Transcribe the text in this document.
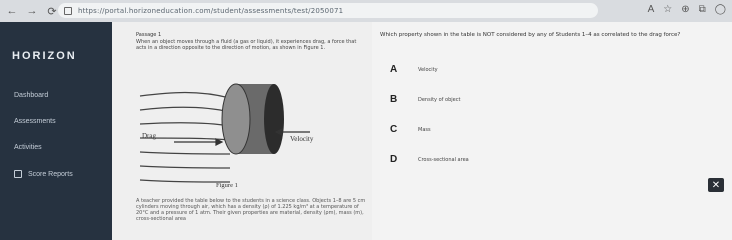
← → ⟳	https://portal.horizoneducation.com/student/assessments/test/2050071	A ☆ ⊕ ⧉ ◯
HORIZON
Dashboard
Assessments
Activities
Score Reports
Passage 1
When an object moves through a fluid (a gas or liquid), it experiences drag, a force that acts in a direction opposite to the direction of motion, as shown in Figure 1.
Drag	Velocity
Figure 1
A teacher provided the table below to the students in a science class. Objects 1–8 are 5 cm cylinders moving through air, which has a density (ρ) of 1.225 kg/m³ at a temperature of 20°C and a pressure of 1 atm. Their given properties are material, density (ρm), mass (m), cross-sectional area
Which property shown in the table is NOT considered by any of Students 1–4 as correlated to the drag force?
A	Velocity
B	Density of object
C	Mass
D	Cross-sectional area
✕
